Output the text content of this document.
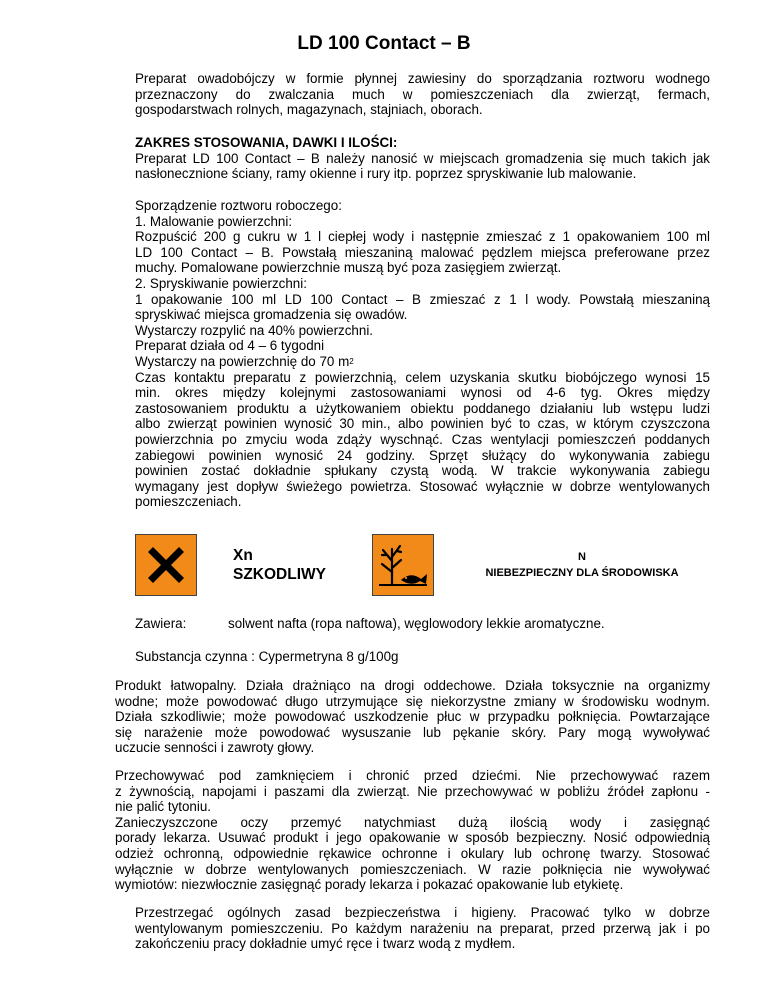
LD 100 Contact – B
Preparat owadobójczy w formie płynnej zawiesiny do sporządzania roztworu wodnego
przeznaczony do zwalczania much w pomieszczeniach dla zwierząt, fermach,
gospodarstwach rolnych, magazynach, stajniach, oborach.
ZAKRES STOSOWANIA, DAWKI I ILOŚCI:
Preparat LD 100 Contact – B należy nanosić w miejscach gromadzenia się much takich jak
nasłonecznione ściany, ramy okienne i rury itp. poprzez spryskiwanie lub malowanie.
Sporządzenie roztworu roboczego:
1. Malowanie powierzchni:
Rozpuścić 200 g cukru w 1 l ciepłej wody i następnie zmieszać z 1 opakowaniem 100 ml
LD 100 Contact – B. Powstałą mieszaniną malować pędzlem miejsca preferowane przez
muchy. Pomalowane powierzchnie muszą być poza zasięgiem zwierząt.
2. Spryskiwanie powierzchni:
1 opakowanie 100 ml LD 100 Contact – B zmieszać z 1 l wody. Powstałą mieszaniną
spryskiwać miejsca gromadzenia się owadów.
Wystarczy rozpylić na 40% powierzchni.
Preparat działa od 4 – 6 tygodni
Wystarczy na powierzchnię do 70 $m^2$
Czas kontaktu preparatu z powierzchnią, celem uzyskania skutku biobójczego wynosi 15
min. okres między kolejnymi zastosowaniami wynosi od 4-6 tyg. Okres między
zastosowaniem produktu a użytkowaniem obiektu poddanego działaniu lub wstępu ludzi
albo zwierząt powinien wynosić 30 min., albo powinien być to czas, w którym czyszczona
powierzchnia po zmyciu woda zdąży wyschnąć. Czas wentylacji pomieszczeń poddanych
zabiegowi powinien wynosić 24 godziny. Sprzęt służący do wykonywania zabiegu
powinien zostać dokładnie spłukany czystą wodą. W trakcie wykonywania zabiegu
wymagany jest dopływ świeżego powietrza. Stosować wyłącznie w dobrze wentylowanych
pomieszczeniach.
Xn
SZKODLIWY
N
NIEBEZPIECZNY DLA ŚRODOWISKA
Zawiera:	solwent nafta (ropa naftowa), węglowodory lekkie aromatyczne.
Substancja czynna : Cypermetryna 8 g/100g
Produkt łatwopalny. Działa drażniąco na drogi oddechowe. Działa toksycznie na organizmy
wodne; może powodować długo utrzymujące się niekorzystne zmiany w środowisku wodnym.
Działa szkodliwie; może powodować uszkodzenie płuc w przypadku połknięcia. Powtarzające
się narażenie może powodować wysuszanie lub pękanie skóry. Pary mogą wywoływać
uczucie senności i zawroty głowy.
Przechowywać pod zamknięciem i chronić przed dziećmi. Nie przechowywać razem
z żywnością, napojami i paszami dla zwierząt. Nie przechowywać w pobliżu źródeł zapłonu -
nie palić tytoniu.
Zanieczyszczone oczy przemyć natychmiast dużą ilością wody i zasięgnąć
porady lekarza. Usuwać produkt i jego opakowanie w sposób bezpieczny. Nosić odpowiednią
odzież ochronną, odpowiednie rękawice ochronne i okulary lub ochronę twarzy. Stosować
wyłącznie w dobrze wentylowanych pomieszczeniach. W razie połknięcia nie wywoływać
wymiotów: niezwłocznie zasięgnąć porady lekarza i pokazać opakowanie lub etykietę.
Przestrzegać ogólnych zasad bezpieczeństwa i higieny. Pracować tylko w dobrze
wentylowanym pomieszczeniu. Po każdym narażeniu na preparat, przed przerwą jak i po
zakończeniu pracy dokładnie umyć ręce i twarz wodą z mydłem.
